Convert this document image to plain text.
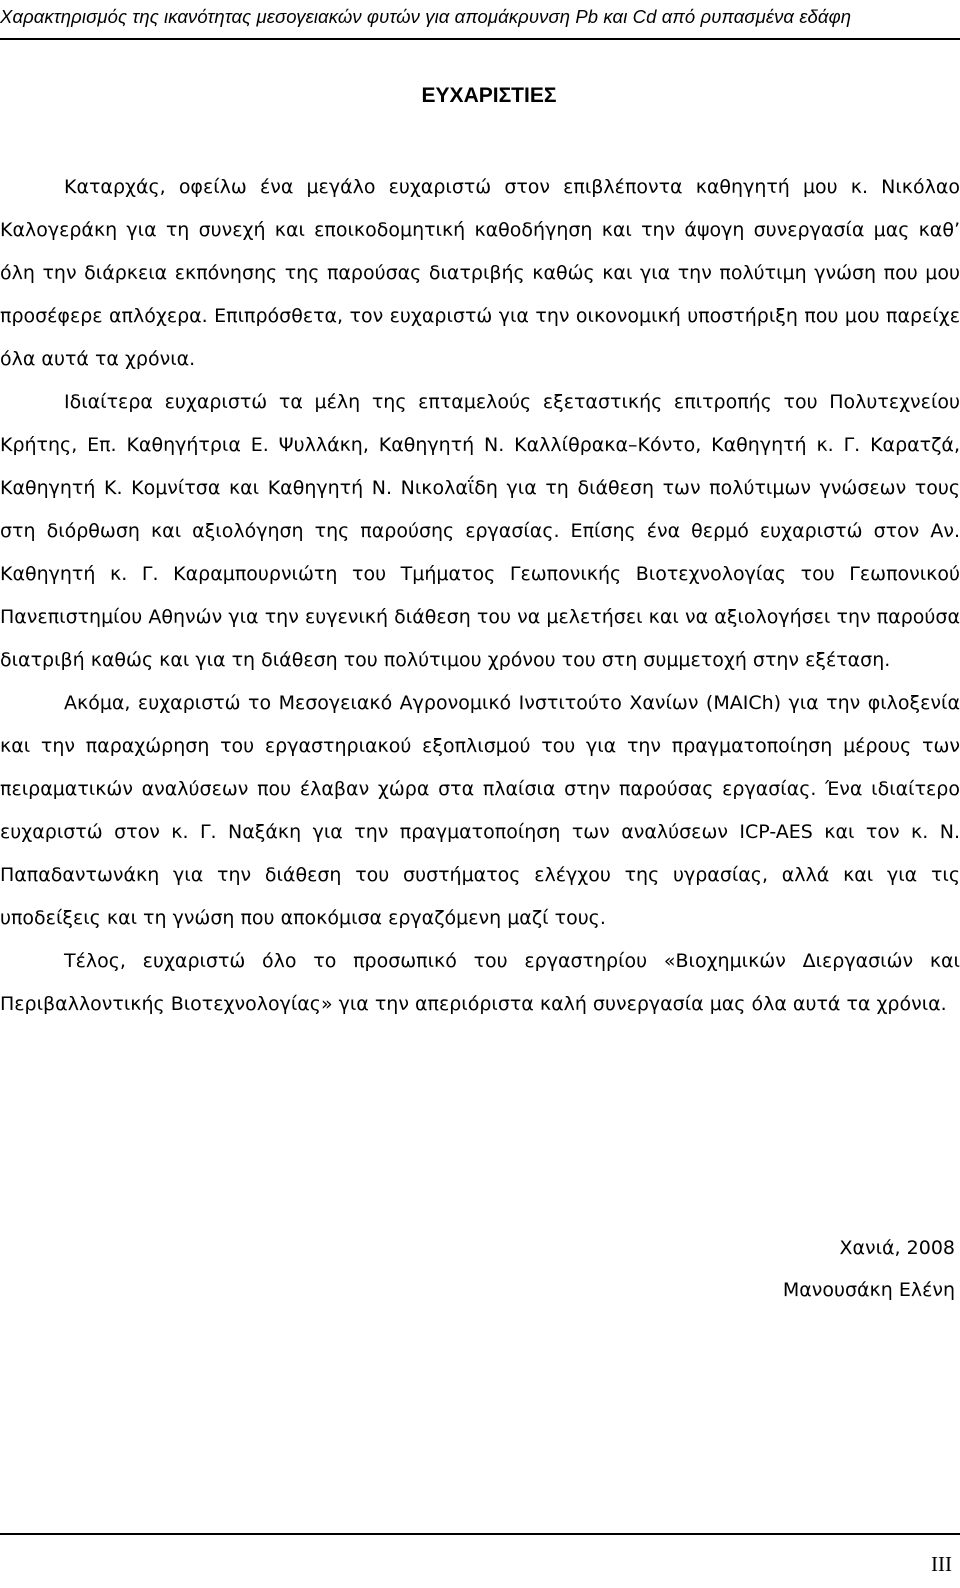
Χαρακτηρισμός της ικανότητας μεσογειακών φυτών για απομάκρυνση Pb και Cd από ρυπασμένα εδάφη
ΕΥΧΑΡΙΣΤΙΕΣ

Καταρχάς, οφείλω ένα μεγάλο ευχαριστώ στον επιβλέποντα καθηγητή μου κ. Νικόλαο Καλογεράκη για τη συνεχή και εποικοδομητική καθοδήγηση και την άψογη συνεργασία μας καθ’ όλη την διάρκεια εκπόνησης της παρούσας διατριβής καθώς και για την πολύτιμη γνώση που μου προσέφερε απλόχερα. Επιπρόσθετα, τον ευχαριστώ για την οικονομική υποστήριξη που μου παρείχε όλα αυτά τα χρόνια.

Ιδιαίτερα ευχαριστώ τα μέλη της επταμελούς εξεταστικής επιτροπής του Πολυτεχνείου Κρήτης, Επ. Καθηγήτρια Ε. Ψυλλάκη, Καθηγητή Ν. Καλλίθρακα–Κόντο, Καθηγητή κ. Γ. Καρατζά, Καθηγητή Κ. Κομνίτσα και Καθηγητή Ν. Νικολαΐδη για τη διάθεση των πολύτιμων γνώσεων τους στη διόρθωση και αξιολόγηση της παρούσης εργασίας. Επίσης ένα θερμό ευχαριστώ στον Αν. Καθηγητή κ. Γ. Καραμπουρνιώτη του Τμήματος Γεωπονικής Βιοτεχνολογίας του Γεωπονικού Πανεπιστημίου Αθηνών για την ευγενική διάθεση του να μελετήσει και να αξιολογήσει την παρούσα διατριβή καθώς και για τη διάθεση του πολύτιμου χρόνου του στη συμμετοχή στην εξέταση.

Ακόμα, ευχαριστώ το Μεσογειακό Αγρονομικό Ινστιτούτο Χανίων (MAICh) για την φιλοξενία και την παραχώρηση του εργαστηριακού εξοπλισμού του για την πραγματοποίηση μέρους των πειραματικών αναλύσεων που έλαβαν χώρα στα πλαίσια στην παρούσας εργασίας. Ένα ιδιαίτερο ευχαριστώ στον κ. Γ. Ναξάκη για την πραγματοποίηση των αναλύσεων ICP-AES και τον κ. Ν. Παπαδαντωνάκη για την διάθεση του συστήματος ελέγχου της υγρασίας, αλλά και για τις υποδείξεις και τη γνώση που αποκόμισα εργαζόμενη μαζί τους.

Τέλος, ευχαριστώ όλο το προσωπικό του εργαστηρίου «Βιοχημικών Διεργασιών και Περιβαλλοντικής Βιοτεχνολογίας» για την απεριόριστα καλή συνεργασία μας όλα αυτά τα χρόνια.

Χανιά, 2008
Μανουσάκη Ελένη
III
